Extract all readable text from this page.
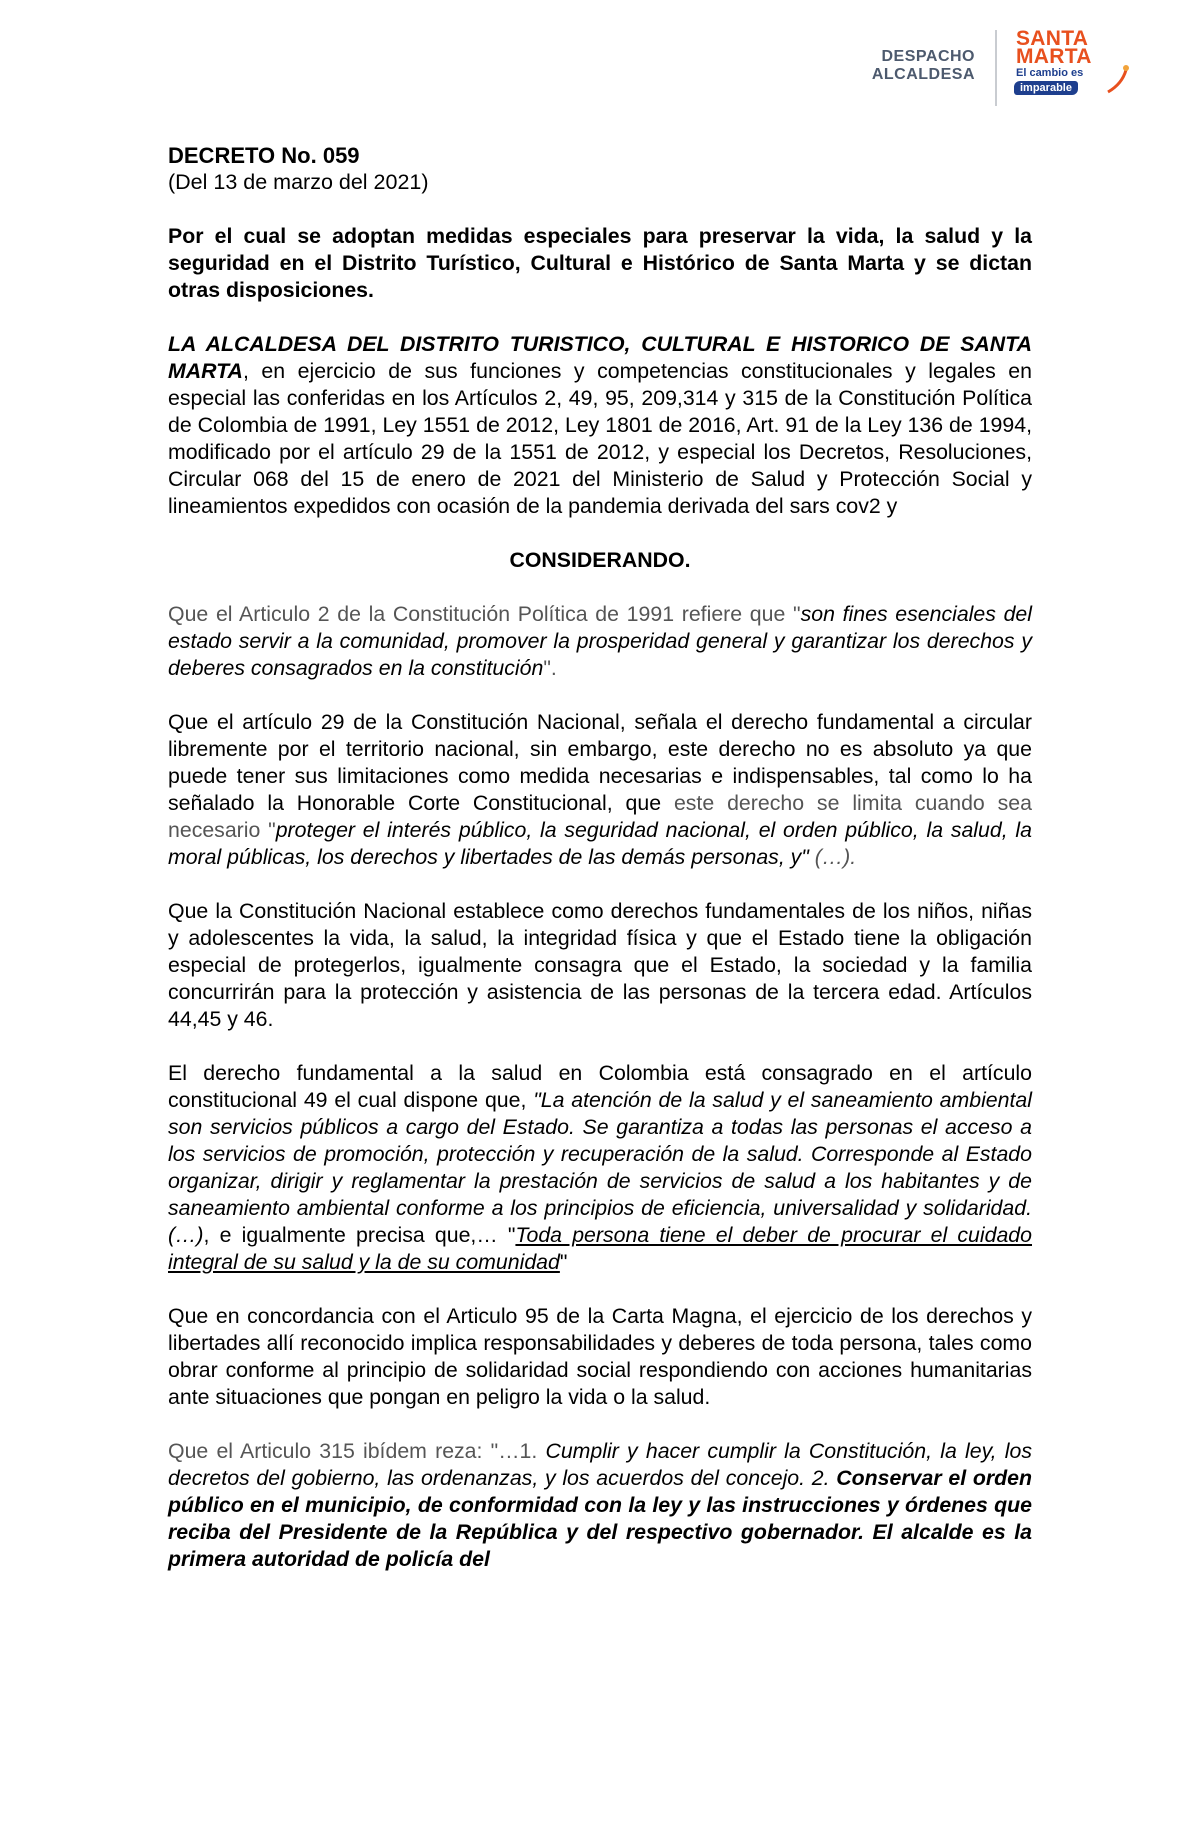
DESPACHO
ALCALDESA
SANTA
MARTA
El cambio es
imparable

DECRETO No. 059

(Del 13 de marzo del 2021)

Por el cual se adoptan medidas especiales para preservar la vida, la salud y la seguridad en el Distrito Turístico, Cultural e Histórico de Santa Marta y se dictan otras disposiciones.

LA ALCALDESA DEL DISTRITO TURISTICO, CULTURAL E HISTORICO DE SANTA MARTA, en ejercicio de sus funciones y competencias constitucionales y legales en especial las conferidas en los Artículos 2, 49, 95, 209,314 y 315 de la Constitución Política de Colombia de 1991, Ley 1551 de 2012, Ley 1801 de 2016, Art. 91 de la Ley 136 de 1994, modificado por el artículo 29 de la 1551 de 2012, y especial los Decretos, Resoluciones, Circular 068 del 15 de enero de 2021 del Ministerio de Salud y Protección Social y lineamientos expedidos con ocasión de la pandemia derivada del sars cov2 y

CONSIDERANDO.

Que el Articulo 2 de la Constitución Política de 1991 refiere que "son fines esenciales del estado servir a la comunidad, promover la prosperidad general y garantizar los derechos y deberes consagrados en la constitución".

Que el artículo 29 de la Constitución Nacional, señala el derecho fundamental a circular libremente por el territorio nacional, sin embargo, este derecho no es absoluto ya que puede tener sus limitaciones como medida necesarias e indispensables, tal como lo ha señalado la Honorable Corte Constitucional, que este derecho se limita cuando sea necesario "proteger el interés público, la seguridad nacional, el orden público, la salud, la moral públicas, los derechos y libertades de las demás personas, y" (…).

Que la Constitución Nacional establece como derechos fundamentales de los niños, niñas y adolescentes la vida, la salud, la integridad física y que el Estado tiene la obligación especial de protegerlos, igualmente consagra que el Estado, la sociedad y la familia concurrirán para la protección y asistencia de las personas de la tercera edad. Artículos 44,45 y 46.

El derecho fundamental a la salud en Colombia está consagrado en el artículo constitucional 49 el cual dispone que, "La atención de la salud y el saneamiento ambiental son servicios públicos a cargo del Estado. Se garantiza a todas las personas el acceso a los servicios de promoción, protección y recuperación de la salud. Corresponde al Estado organizar, dirigir y reglamentar la prestación de servicios de salud a los habitantes y de saneamiento ambiental conforme a los principios de eficiencia, universalidad y solidaridad. (…), e igualmente precisa que,… "Toda persona tiene el deber de procurar el cuidado integral de su salud y la de su comunidad"

Que en concordancia con el Articulo 95 de la Carta Magna, el ejercicio de los derechos y libertades allí reconocido implica responsabilidades y deberes de toda persona, tales como obrar conforme al principio de solidaridad social respondiendo con acciones humanitarias ante situaciones que pongan en peligro la vida o la salud.

Que el Articulo 315 ibídem reza: "…1. Cumplir y hacer cumplir la Constitución, la ley, los decretos del gobierno, las ordenanzas, y los acuerdos del concejo. 2. Conservar el orden público en el municipio, de conformidad con la ley y las instrucciones y órdenes que reciba del Presidente de la República y del respectivo gobernador. El alcalde es la primera autoridad de policía del
